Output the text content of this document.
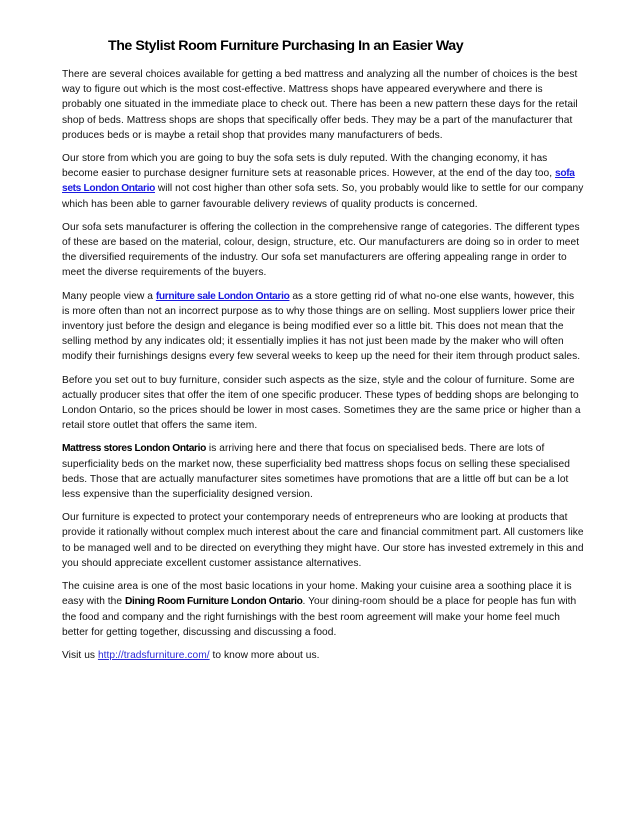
The Stylist Room Furniture Purchasing In an Easier Way

There are several choices available for getting a bed mattress and analyzing all the number of choices is the best way to figure out which is the most cost-effective. Mattress shops have appeared everywhere and there is probably one situated in the immediate place to check out. There has been a new pattern these days for the retail shop of beds. Mattress shops are shops that specifically offer beds. They may be a part of the manufacturer that produces beds or is maybe a retail shop that provides many manufacturers of beds.

Our store from which you are going to buy the sofa sets is duly reputed. With the changing economy, it has become easier to purchase designer furniture sets at reasonable prices. However, at the end of the day too, sofa sets London Ontario will not cost higher than other sofa sets. So, you probably would like to settle for our company which has been able to garner favourable delivery reviews of quality products is concerned.

Our sofa sets manufacturer is offering the collection in the comprehensive range of categories. The different types of these are based on the material, colour, design, structure, etc. Our manufacturers are doing so in order to meet the diversified requirements of the industry. Our sofa set manufacturers are offering appealing range in order to meet the diverse requirements of the buyers.

Many people view a furniture sale London Ontario as a store getting rid of what no-one else wants, however, this is more often than not an incorrect purpose as to why those things are on selling. Most suppliers lower price their inventory just before the design and elegance is being modified ever so a little bit. This does not mean that the selling method by any indicates old; it essentially implies it has not just been made by the maker who will often modify their furnishings designs every few several weeks to keep up the need for their item through product sales.

Before you set out to buy furniture, consider such aspects as the size, style and the colour of furniture. Some are actually producer sites that offer the item of one specific producer. These types of bedding shops are belonging to London Ontario, so the prices should be lower in most cases. Sometimes they are the same price or higher than a retail store outlet that offers the same item.

Mattress stores London Ontario is arriving here and there that focus on specialised beds. There are lots of superficiality beds on the market now, these superficiality bed mattress shops focus on selling these specialised beds. Those that are actually manufacturer sites sometimes have promotions that are a little off but can be a lot less expensive than the superficiality designed version.

Our furniture is expected to protect your contemporary needs of entrepreneurs who are looking at products that provide it rationally without complex much interest about the care and financial commitment part. All customers like to be managed well and to be directed on everything they might have. Our store has invested extremely in this and you should appreciate excellent customer assistance alternatives.

The cuisine area is one of the most basic locations in your home. Making your cuisine area a soothing place it is easy with the Dining Room Furniture London Ontario. Your dining-room should be a place for people has fun with the food and company and the right furnishings with the best room agreement will make your home feel much better for getting together, discussing and discussing a food.

Visit us http://tradsfurniture.com/ to know more about us.
